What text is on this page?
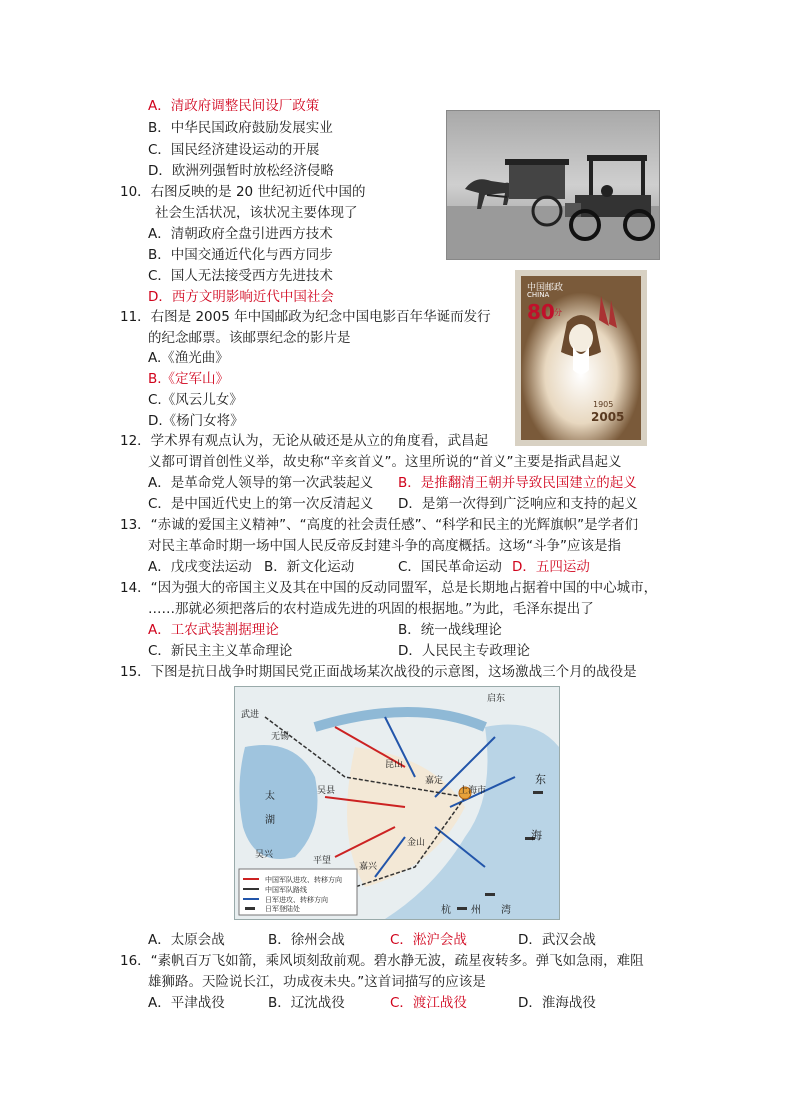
A．清政府调整民间设厂政策
B．中华民国政府鼓励发展实业
C．国民经济建设运动的开展
D．欧洲列强暂时放松经济侵略
10．右图反映的是 20 世纪初近代中国的
社会生活状况，该状况主要体现了
A．清朝政府全盘引进西方技术
B．中国交通近代化与西方同步
C．国人无法接受西方先进技术
D．西方文明影响近代中国社会
中国邮政
CHINA
80 分
1905
2005
11．右图是 2005 年中国邮政为纪念中国电影百年华诞而发行
的纪念邮票。该邮票纪念的影片是
A.《渔光曲》
B.《定军山》
C.《风云儿女》
D.《杨门女将》
12．学术界有观点认为，无论从破还是从立的角度看，武昌起
义都可谓首创性义举，故史称“辛亥首义”。这里所说的“首义”主要是指武昌起义
A．是革命党人领导的第一次武装起义 B．是推翻清王朝并导致民国建立的起义
C．是中国近代史上的第一次反清起义 D．是第一次得到广泛响应和支持的起义
13．“赤诚的爱国主义精神”、“高度的社会责任感”、“科学和民主的光辉旗帜”是学者们
对民主革命时期一场中国人民反帝反封建斗争的高度概括。这场“斗争”应该是指
A．戊戌变法运动 B．新文化运动	C．国民革命运动 D．五四运动
14．“因为强大的帝国主义及其在中国的反动同盟军，总是长期地占据着中国的中心城市，
……那就必须把落后的农村造成先进的巩固的根据地。”为此，毛泽东提出了
A．工农武装割据理论	B．统一战线理论
C．新民主主义革命理论	D．人民民主专政理论
15．下图是抗日战争时期国民党正面战场某次战役的示意图，这场激战三个月的战役是
武进
无锡
启东
太
湖
吴县
昆山
嘉定
上海市
东
海
吴兴
平望
嘉兴
金山
杭 州 湾
中国军队进攻、转移方向
中国军队路线
日军进攻、转移方向
日军登陆处
A．太原会战	B．徐州会战	C．淞沪会战	D．武汉会战
16．“素帆百万飞如箭，乘风顷刻敌前观。碧水静无波，疏星夜转多。弹飞如急雨，难阻
雄狮路。天险说长江，功成夜未央。”这首词描写的应该是
A．平津战役	B．辽沈战役	C．渡江战役	D．淮海战役
